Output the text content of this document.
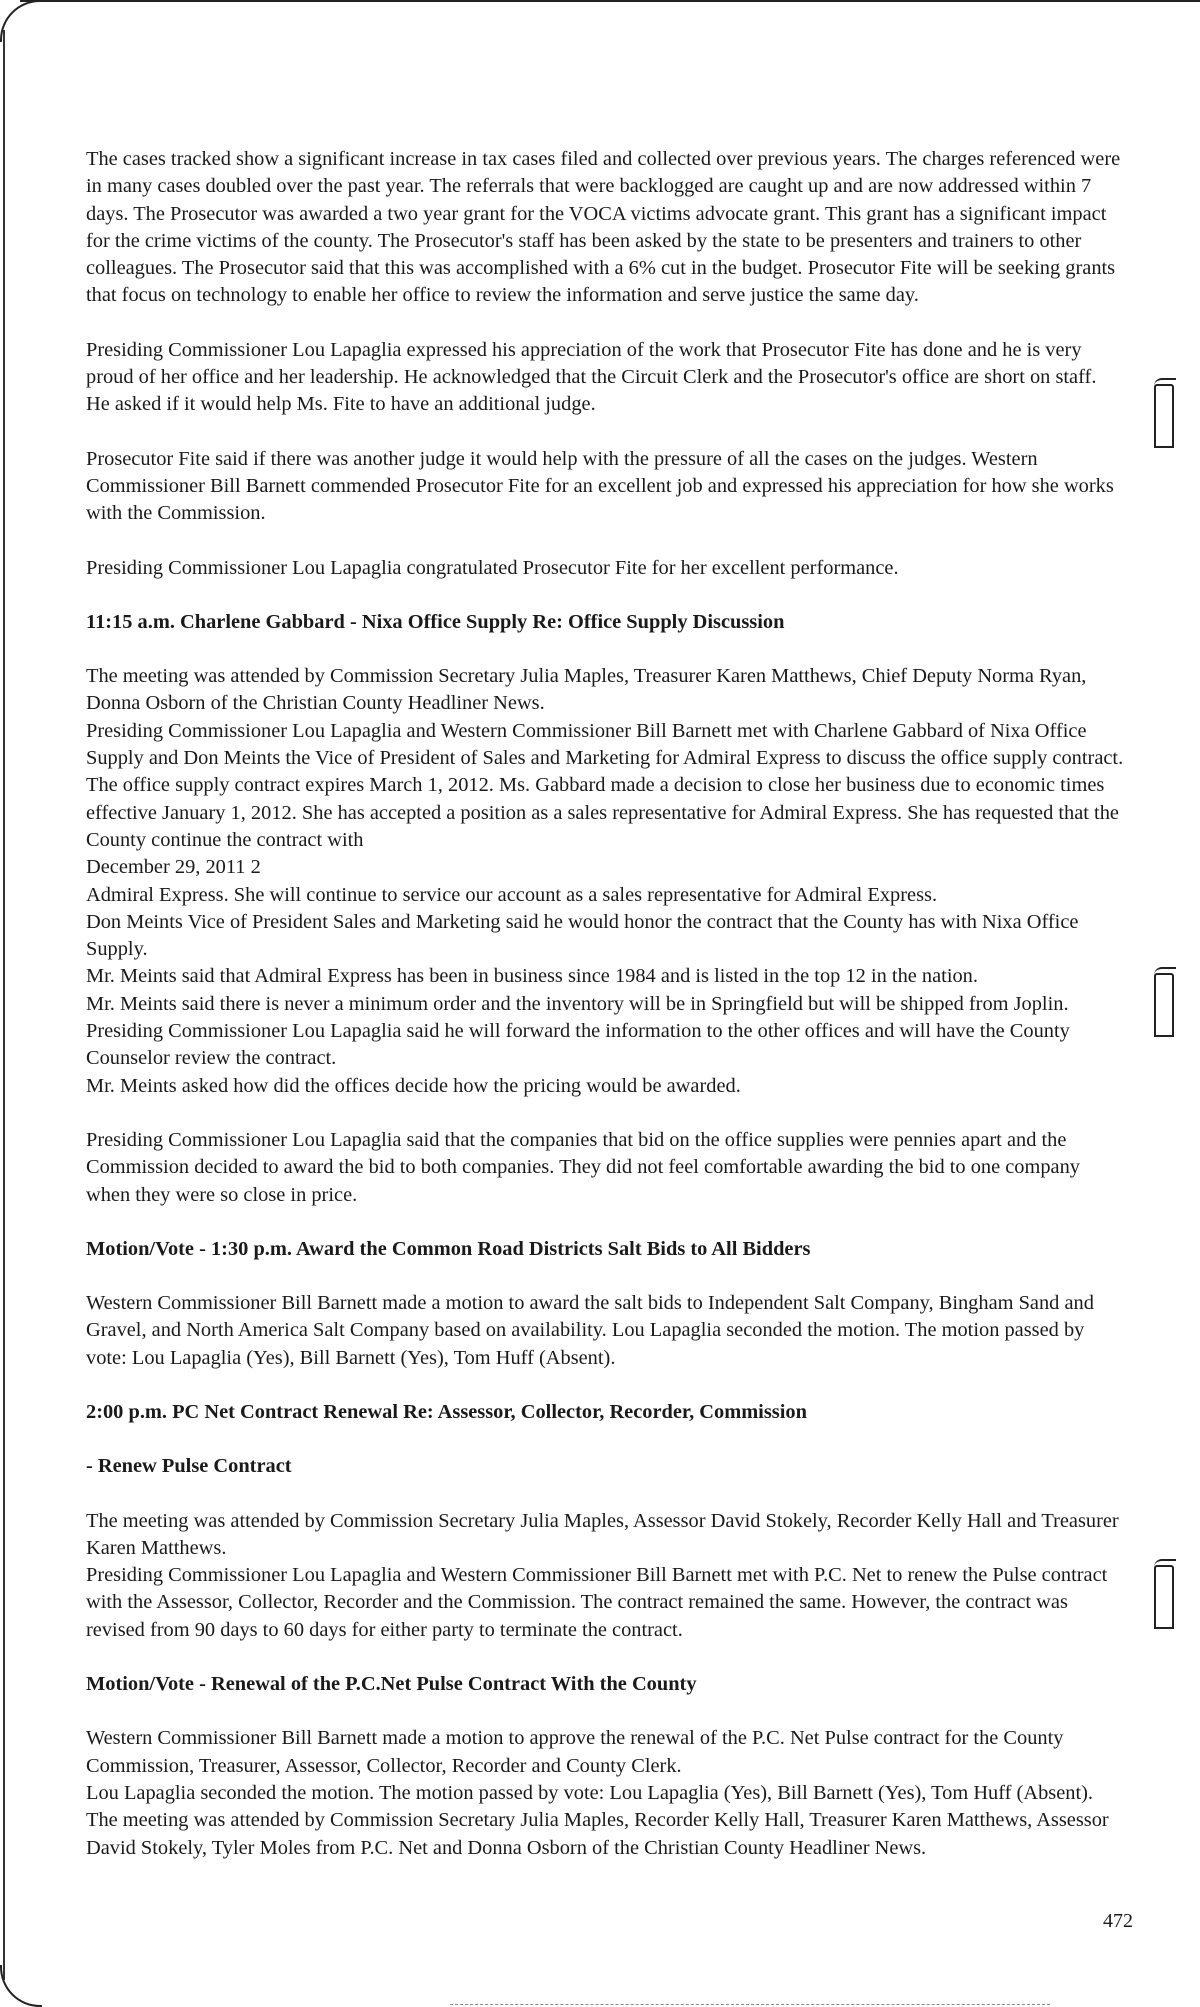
The cases tracked show a significant increase in tax cases filed and collected over previous years. The charges referenced were in many cases doubled over the past year. The referrals that were backlogged are caught up and are now addressed within 7 days. The Prosecutor was awarded a two year grant for the VOCA victims advocate grant. This grant has a significant impact for the crime victims of the county. The Prosecutor's staff has been asked by the state to be presenters and trainers to other colleagues. The Prosecutor said that this was accomplished with a 6% cut in the budget. Prosecutor Fite will be seeking grants that focus on technology to enable her office to review the information and serve justice the same day.

Presiding Commissioner Lou Lapaglia expressed his appreciation of the work that Prosecutor Fite has done and he is very proud of her office and her leadership. He acknowledged that the Circuit Clerk and the Prosecutor's office are short on staff. He asked if it would help Ms. Fite to have an additional judge.

Prosecutor Fite said if there was another judge it would help with the pressure of all the cases on the judges. Western Commissioner Bill Barnett commended Prosecutor Fite for an excellent job and expressed his appreciation for how she works with the Commission.

Presiding Commissioner Lou Lapaglia congratulated Prosecutor Fite for her excellent performance.

11:15 a.m. Charlene Gabbard - Nixa Office Supply Re: Office Supply Discussion

The meeting was attended by Commission Secretary Julia Maples, Treasurer Karen Matthews, Chief Deputy Norma Ryan, Donna Osborn of the Christian County Headliner News.

Presiding Commissioner Lou Lapaglia and Western Commissioner Bill Barnett met with Charlene Gabbard of Nixa Office Supply and Don Meints the Vice of President of Sales and Marketing for Admiral Express to discuss the office supply contract. The office supply contract expires March 1, 2012. Ms. Gabbard made a decision to close her business due to economic times effective January 1, 2012. She has accepted a position as a sales representative for Admiral Express. She has requested that the County continue the contract with

December 29, 2011 2

Admiral Express. She will continue to service our account as a sales representative for Admiral Express.

Don Meints Vice of President Sales and Marketing said he would honor the contract that the County has with Nixa Office Supply.

Mr. Meints said that Admiral Express has been in business since 1984 and is listed in the top 12 in the nation.

Mr. Meints said there is never a minimum order and the inventory will be in Springfield but will be shipped from Joplin. Presiding Commissioner Lou Lapaglia said he will forward the information to the other offices and will have the County Counselor review the contract.

Mr. Meints asked how did the offices decide how the pricing would be awarded.

Presiding Commissioner Lou Lapaglia said that the companies that bid on the office supplies were pennies apart and the Commission decided to award the bid to both companies. They did not feel comfortable awarding the bid to one company when they were so close in price.

Motion/Vote - 1:30 p.m. Award the Common Road Districts Salt Bids to All Bidders

Western Commissioner Bill Barnett made a motion to award the salt bids to Independent Salt Company, Bingham Sand and Gravel, and North America Salt Company based on availability. Lou Lapaglia seconded the motion. The motion passed by vote: Lou Lapaglia (Yes), Bill Barnett (Yes), Tom Huff (Absent).

2:00 p.m. PC Net Contract Renewal Re: Assessor, Collector, Recorder, Commission

- Renew Pulse Contract

The meeting was attended by Commission Secretary Julia Maples, Assessor David Stokely, Recorder Kelly Hall and Treasurer Karen Matthews.

Presiding Commissioner Lou Lapaglia and Western Commissioner Bill Barnett met with P.C. Net to renew the Pulse contract with the Assessor, Collector, Recorder and the Commission. The contract remained the same. However, the contract was revised from 90 days to 60 days for either party to terminate the contract.

Motion/Vote - Renewal of the P.C.Net Pulse Contract With the County

Western Commissioner Bill Barnett made a motion to approve the renewal of the P.C. Net Pulse contract for the County Commission, Treasurer, Assessor, Collector, Recorder and County Clerk.

Lou Lapaglia seconded the motion. The motion passed by vote: Lou Lapaglia (Yes), Bill Barnett (Yes), Tom Huff (Absent). The meeting was attended by Commission Secretary Julia Maples, Recorder Kelly Hall, Treasurer Karen Matthews, Assessor David Stokely, Tyler Moles from P.C. Net and Donna Osborn of the Christian County Headliner News.

472
